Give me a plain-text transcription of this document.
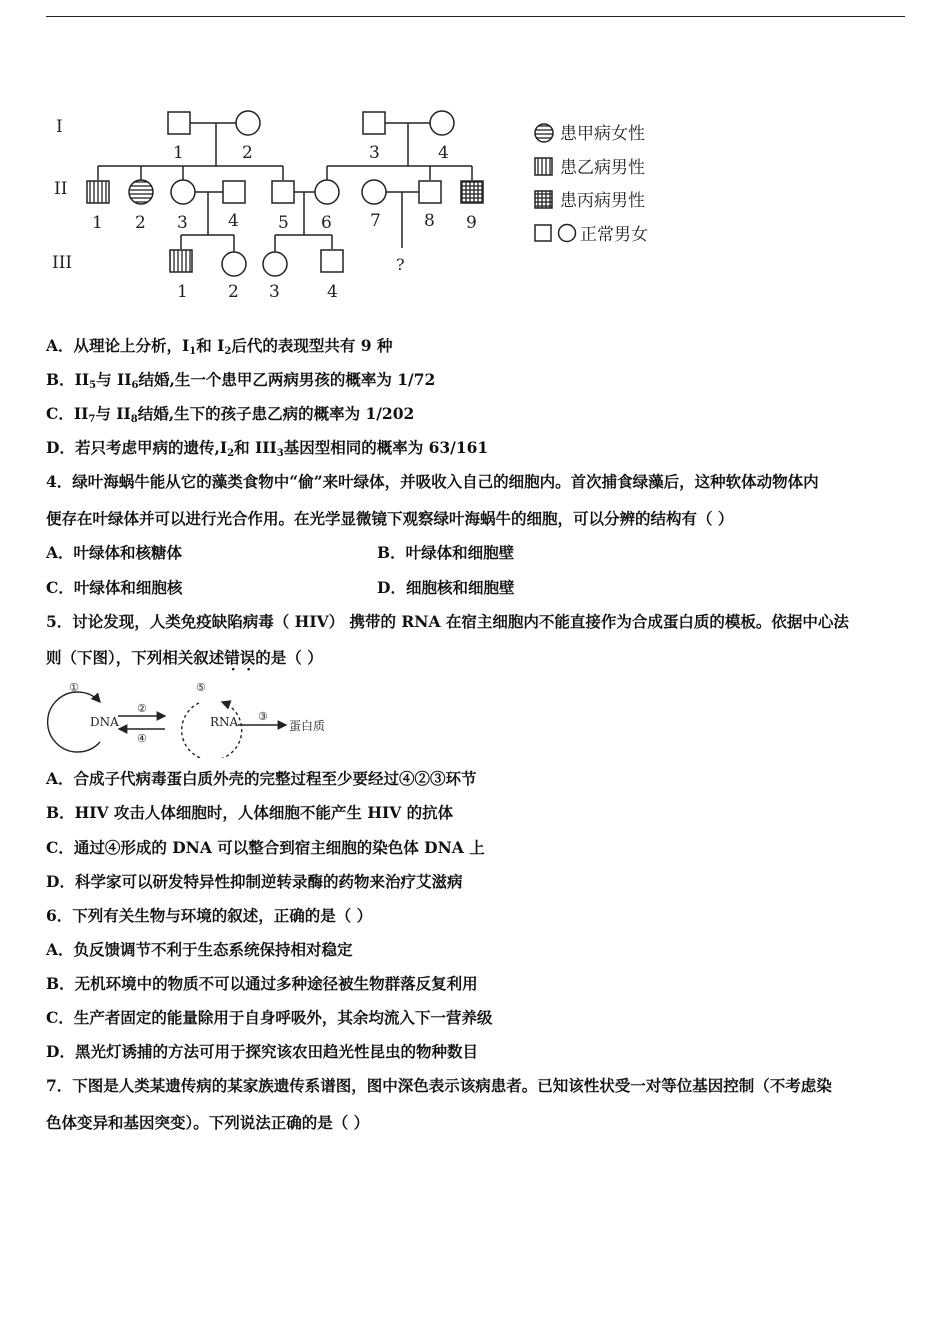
I
II
III
1	2	3	4
1 2 3 4 5 6 7	8 9
?
1 2 3	4
患甲病女性
患乙病男性
患丙病男性
正常男女
A．从理论上分析，$I_1$和 $I_2$后代的表现型共有 9 种
B．$II_5$与 $II_6$结婚,生一个患甲乙两病男孩的概率为 1/72
C．$II_7$与 $II_8$结婚,生下的孩子患乙病的概率为 1/202
D．若只考虑甲病的遗传$,I_2$和 $III_3$基因型相同的概率为 63/161
4．绿叶海蜗牛能从它的藻类食物中“偷”来叶绿体，并吸收入自己的细胞内。首次捕食绿藻后，这种软体动物体内
便存在叶绿体并可以进行光合作用。在光学显微镜下观察绿叶海蜗牛的细胞，可以分辨的结构有（ ）
A．叶绿体和核糖体	B．叶绿体和细胞壁
C．叶绿体和细胞核	D．细胞核和细胞壁
5．讨论发现，人类免疫缺陷病毒（ HIV） 携带的 RNA 在宿主细胞内不能直接作为合成蛋白质的模板。依据中心法
则（下图），下列相关叙述错误的是（ ）
①
DNA
②
④
⑤
RNA ③
蛋白质
A．合成子代病毒蛋白质外壳的完整过程至少要经过④②③环节
B．HIV 攻击人体细胞时，人体细胞不能产生 HIV 的抗体
C．通过④形成的 DNA 可以整合到宿主细胞的染色体 DNA 上
D．科学家可以研发特异性抑制逆转录酶的药物来治疗艾滋病
6．下列有关生物与环境的叙述，正确的是（ ）
A．负反馈调节不利于生态系统保持相对稳定
B．无机环境中的物质不可以通过多种途径被生物群落反复利用
C．生产者固定的能量除用于自身呼吸外，其余均流入下一营养级
D．黑光灯诱捕的方法可用于探究该农田趋光性昆虫的物种数目
7．下图是人类某遗传病的某家族遗传系谱图，图中深色表示该病患者。已知该性状受一对等位基因控制（不考虑染
色体变异和基因突变）。下列说法正确的是（ ）
